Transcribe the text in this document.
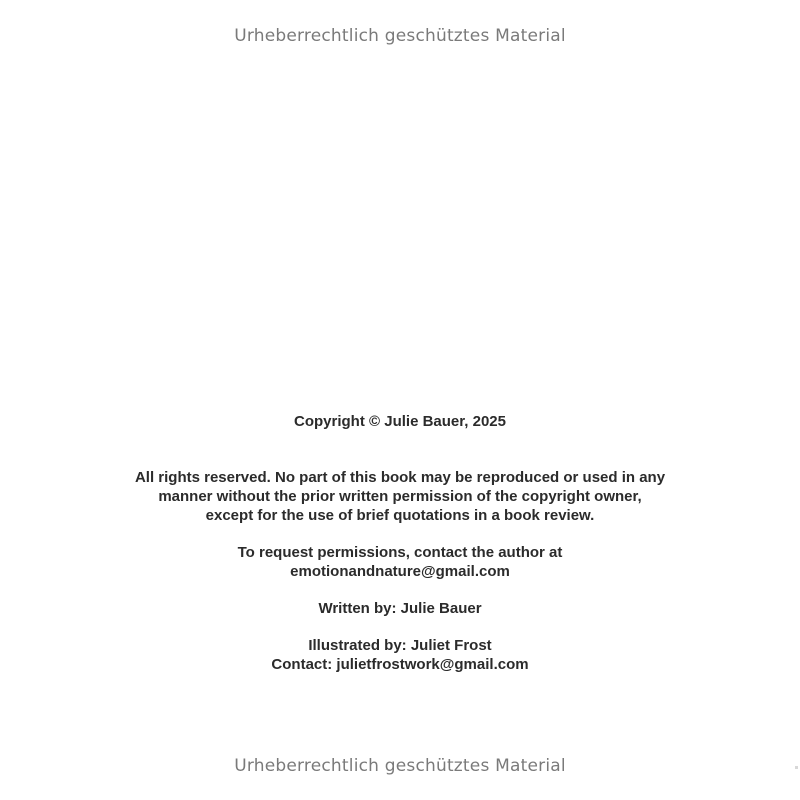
Urheberrechtlich geschütztes Material

Copyright © Julie Bauer, 2025

All rights reserved. No part of this book may be reproduced or used in any
manner without the prior written permission of the copyright owner,
except for the use of brief quotations in a book review.

To request permissions, contact the author at
emotionandnature@gmail.com

Written by: Julie Bauer

Illustrated by: Juliet Frost
Contact: julietfrostwork@gmail.com

Urheberrechtlich geschütztes Material
